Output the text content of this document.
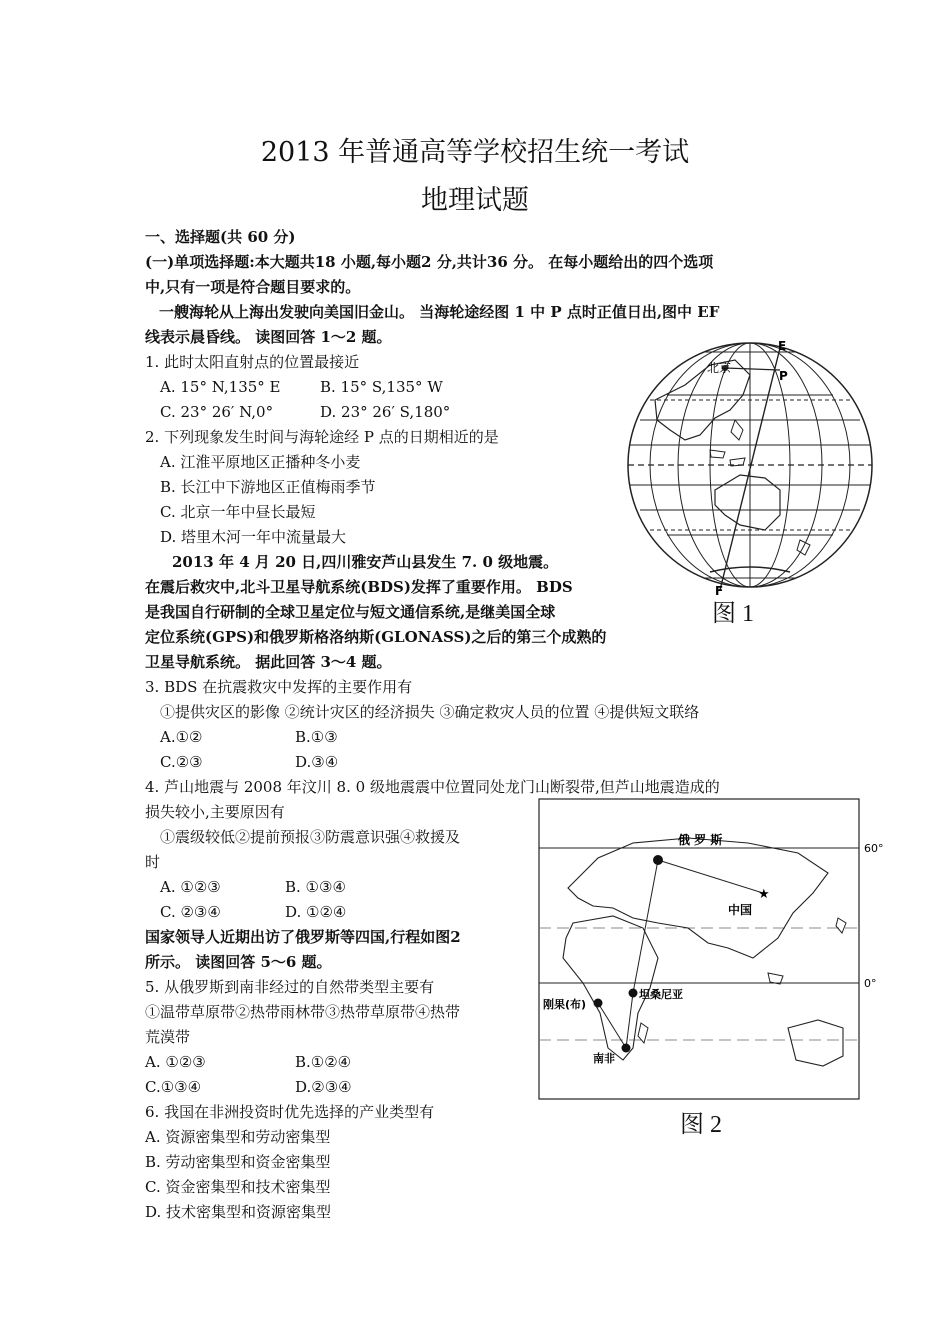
2013 年普通高等学校招生统一考试
地理试题
一、选择题(共 60 分)
(一)单项选择题:本大题共18 小题,每小题2 分,共计36 分。 在每小题给出的四个选项
中,只有一项是符合题目要求的。
一艘海轮从上海出发驶向美国旧金山。 当海轮途经图 1 中 P 点时正值日出,图中 EF
线表示晨昏线。 读图回答 1～2 题。
1. 此时太阳直射点的位置最接近
A. 15° N,135° E	B. 15° S,135° W
C. 23° 26′ N,0°	D. 23° 26′ S,180°
2. 下列现象发生时间与海轮途经 P 点的日期相近的是
A. 江淮平原地区正播种冬小麦
B. 长江中下游地区正值梅雨季节
C. 北京一年中昼长最短
D. 塔里木河一年中流量最大
2013 年 4 月 20 日,四川雅安芦山县发生 7. 0 级地震。
在震后救灾中,北斗卫星导航系统(BDS)发挥了重要作用。 BDS
是我国自行研制的全球卫星定位与短文通信系统,是继美国全球
定位系统(GPS)和俄罗斯格洛纳斯(GLONASS)之后的第三个成熟的
卫星导航系统。 据此回答 3～4 题。
3. BDS 在抗震救灾中发挥的主要作用有
①提供灾区的影像 ②统计灾区的经济损失 ③确定救灾人员的位置 ④提供短文联络
A.①②	B.①③
C.②③	D.③④
4. 芦山地震与 2008 年汶川 8. 0 级地震震中位置同处龙门山断裂带,但芦山地震造成的
损失较小,主要原因有
①震级较低②提前预报③防震意识强④救援及
时
A. ①②③	B. ①③④
C. ②③④	D. ①②④
国家领导人近期出访了俄罗斯等四国,行程如图2
所示。 读图回答 5～6 题。
5. 从俄罗斯到南非经过的自然带类型主要有
①温带草原带②热带雨林带③热带草原带④热带
荒漠带
A. ①②③	B.①②④
C.①③④	D.②③④
6. 我国在非洲投资时优先选择的产业类型有
A. 资源密集型和劳动密集型
B. 劳动密集型和资金密集型
C. 资金密集型和技术密集型
D. 技术密集型和资源密集型
北京
E
P
F
图 1
★
俄 罗 斯
中国
刚果(布)
坦桑尼亚
南非
60°
0°
图 2
